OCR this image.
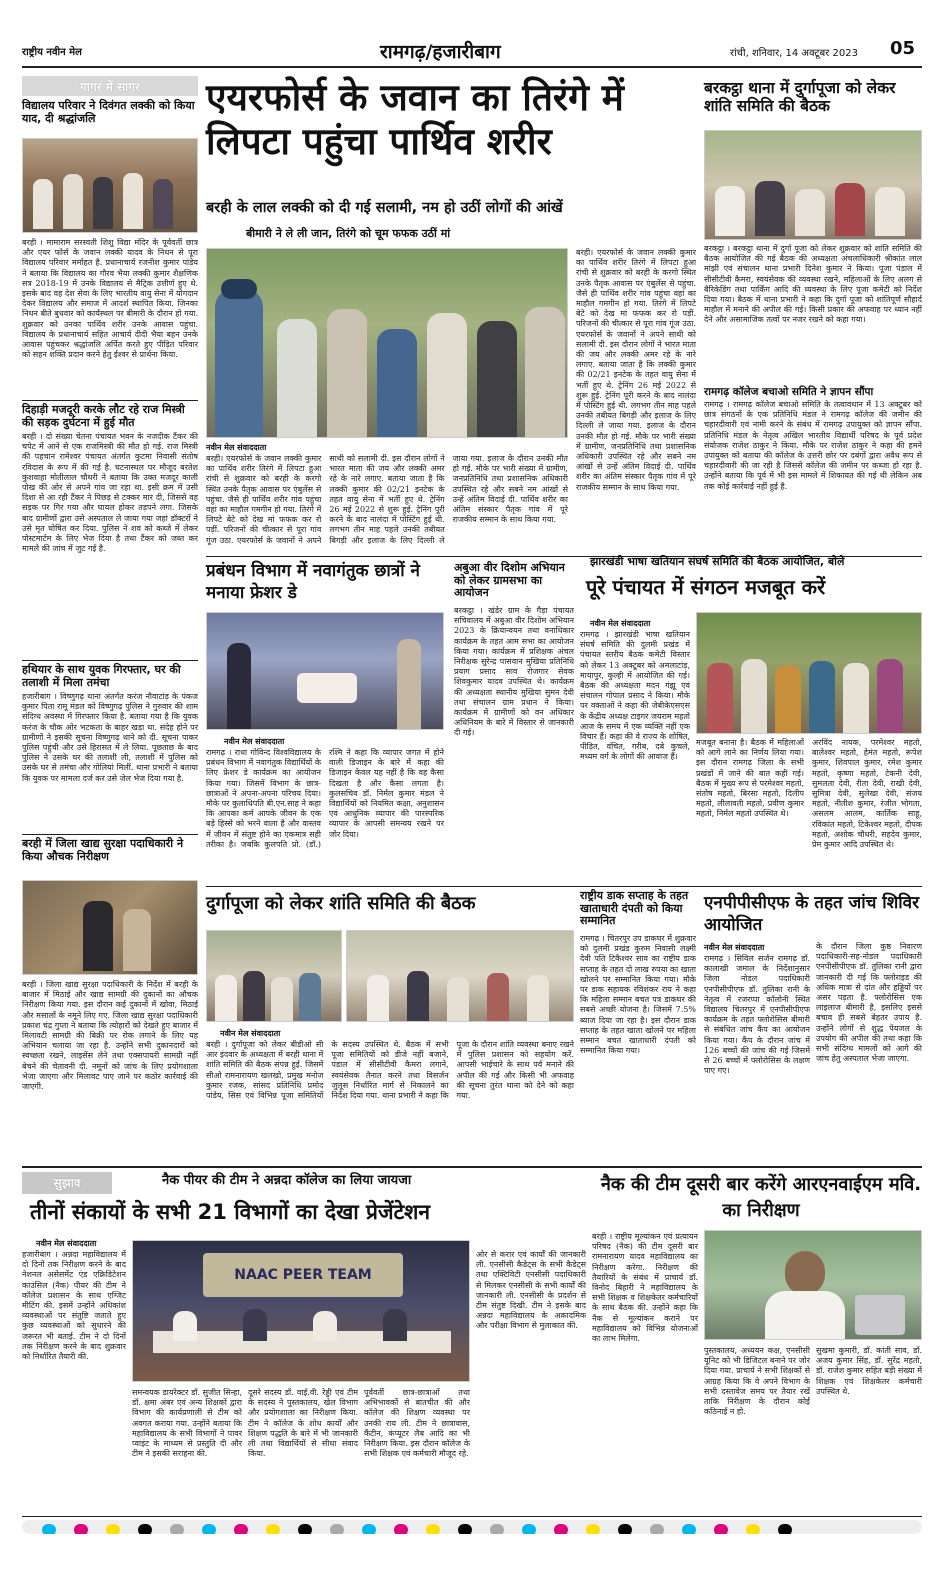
राष्ट्रीय नवीन मेल	रामगढ़/हजारीबाग	रांची, शनिवार, 14 अक्टूबर 2023 05
गागर में सागर
विद्यालय परिवार ने दिवंगत लक्की को किया याद, दी श्रद्धांजलि
बरही । मामाराम सरस्वती शिशु विद्या मंदिर के पूर्ववर्ती छात्र और एयर फोर्स के जवान लक्की यादव के निधन से पूरा विद्यालय परिवार मर्माहत है. प्रधानाचार्य रजनीश कुमार पांडेय ने बताया कि विद्यालय का गौरव भैया लक्की कुमार शैक्षणिक सत्र 2018-19 में उनके विद्यालय से मैट्रिक उत्तीर्ण हुए थे. इसके बाद वह देश सेवा के लिए भारतीय वायु सेना में योगदान देकर विद्यालय और समाज में आदर्श स्थापित किया. जिनका निधन बीते बुधवार को कार्यस्थल पर बीमारी के दौरान हो गया. शुक्रवार को उनका पार्थिव शरीर उनके आवास पहुंचा. विद्यालय के प्रधानाचार्य सहित आचार्य दीदी भैया बहन उनके आवास पहुंचकर श्रद्धांजलि अर्पित करते हुए पीड़ित परिवार को सहन शक्ति प्रदान करने हेतु ईश्वर से प्रार्थना किया.
दिहाड़ी मजदूरी करके लौट रहे राज मिस्त्री की सड़क दुर्घटना में हुई मौत
बरही । दो संख्या चेतना पंचायत भवन के नजदीक टैंकर की चपेट में आने से एक राजमिस्त्री की मौत हो गई. राज मिस्त्री की पहचान रामेश्वर पंचायत अंतर्गत कुटमा निवासी संतोष रविदास के रूप में की गई है. घटनास्थल पर मौजूद बरतेश कुशवाहा मोतीलाल चौधरी ने बताया कि उक्त मजदूर काली पोख की ओर से अपने गांव जा रहा था. इसी क्रम में उसी दिशा से आ रही टैंकर ने पिछड़ से टक्कर मार दी, जिससे वह सड़क पर गिर गया और घायल होकर तड़पने लगा. जिसके बाद ग्रामीणों द्वारा उसे अस्पताल ले जाया गया जहां डॉक्टरों ने उसे मृत घोषित कर दिया. पुलिस ने शव को कब्जे में लेकर पोस्टमार्टम के लिए भेज दिया है तथा टैंकर को जब्त कर मामले की जांच में जुट गई है.
हथियार के साथ युवक गिरफ्तार, घर की तलाशी में मिला तमंचा
हजारीबाग । विष्णुगढ़ थाना अंतर्गत करंज नौवाटांड़ के पंकज कुमार पिता रामू मंडल को विष्णुगढ़ पुलिस ने गुरुवार की शाम संदिग्ध अवस्था में गिरफ्तार किया है. बताया गया है कि युवक करंज के चौक ओर भटकता के बाहर खड़ा था. संदेह होने पर ग्रामीणों ने इसकी सूचना विष्णुगढ़ थाने को दी. सूचना पाकर पुलिस पहुंची और उसे हिरासत में ले लिया. पूछताछ के बाद पुलिस ने उसके घर की तलाशी ली, तलाशी में पुलिस को उसके घर से तमंचा और गोलियां मिलीं. थाना प्रभारी ने बताया कि युवक पर मामला दर्ज कर उसे जेल भेज दिया गया है.
बरही में जिला खाद्य सुरक्षा पदाधिकारी ने किया औचक निरीक्षण
बरही । जिला खाद्य सुरक्षा पदाधिकारी के निर्देश में बरही के बाजार में मिठाई और खाद्य सामग्री की दुकानों का औचक निरीक्षण किया गया. इस दौरान कई दुकानों में खोवा, मिठाई और मसालों के नमूने लिए गए. जिला खाद्य सुरक्षा पदाधिकारी प्रकाश चंद्र गुप्ता ने बताया कि त्योहारों को देखते हुए बाजार में मिलावटी सामग्री की बिक्री पर रोक लगाने के लिए यह अभियान चलाया जा रहा है. उन्होंने सभी दुकानदारों को स्वच्छता रखने, लाइसेंस लेने तथा एक्सपायरी सामग्री नहीं बेचने की चेतावनी दी. नमूनों को जांच के लिए प्रयोगशाला भेजा जाएगा और मिलावट पाए जाने पर कठोर कार्रवाई की जाएगी.
एयरफोर्स के जवान का तिरंगे में लिपटा पहुंचा पार्थिव शरीर
बरही के लाल लक्की को दी गई सलामी, नम हो उठीं लोगों की आंखें
बीमारी ने ले ली जान, तिरंगे को चूम फफक उठीं मां
नवीन मेल संवाददाता
बरही। एयरफोर्स के जवान लक्की कुमार का पार्थिव शरीर तिरंगे में लिपटा हुआ रांची से शुक्रवार को बरही के करगो स्थित उनके पैतृक आवास पर एंबुलेंस से पहुंचा. जैसे ही पार्थिव शरीर गांव पहुंचा वहां का माहौल गमगीन हो गया. तिरंगे में लिपटे बेटे को देख मां फफक कर रो पड़ीं. परिजनों की चीत्कार से पूरा गांव गूंज उठा. एयरफोर्स के जवानों ने अपने साथी को सलामी दी. इस दौरान लोगों ने भारत माता की जय और लक्की अमर रहे के नारे लगाए. बताया जाता है कि लक्की कुमार की 02/21 इनटेक के तहत वायु सेना में भर्ती हुए थे. ट्रेनिंग 26 मई 2022 से शुरू हुई. ट्रेनिंग पूरी करने के बाद नालंदा में पोस्टिंग हुई थी. लगभग तीन माह पहले उनकी तबीयत बिगड़ी और इलाज के लिए दिल्ली ले जाया गया. इलाज के दौरान उनकी मौत हो गई. मौके पर भारी संख्या में ग्रामीण, जनप्रतिनिधि तथा प्रशासनिक अधिकारी उपस्थित रहे और सबने नम आंखों से उन्हें अंतिम विदाई दी. पार्थिव शरीर का अंतिम संस्कार पैतृक गांव में पूरे राजकीय सम्मान के साथ किया गया.
बरही। एयरफोर्स के जवान लक्की कुमार का पार्थिव शरीर तिरंगे में लिपटा हुआ रांची से शुक्रवार को बरही के करगो स्थित उनके पैतृक आवास पर एंबुलेंस से पहुंचा. जैसे ही पार्थिव शरीर गांव पहुंचा वहां का माहौल गमगीन हो गया. तिरंगे में लिपटे बेटे को देख मां फफक कर रो पड़ीं. परिजनों की चीत्कार से पूरा गांव गूंज उठा. एयरफोर्स के जवानों ने अपने साथी को सलामी दी. इस दौरान लोगों ने भारत माता की जय और लक्की अमर रहे के नारे लगाए. बताया जाता है कि लक्की कुमार की 02/21 इनटेक के तहत वायु सेना में भर्ती हुए थे. ट्रेनिंग 26 मई 2022 से शुरू हुई. ट्रेनिंग पूरी करने के बाद नालंदा में पोस्टिंग हुई थी. लगभग तीन माह पहले उनकी तबीयत बिगड़ी और इलाज के लिए दिल्ली ले जाया गया. इलाज के दौरान उनकी मौत हो गई. मौके पर भारी संख्या में ग्रामीण, जनप्रतिनिधि तथा प्रशासनिक अधिकारी उपस्थित रहे और सबने नम आंखों से उन्हें अंतिम विदाई दी. पार्थिव शरीर का अंतिम संस्कार पैतृक गांव में पूरे राजकीय सम्मान के साथ किया गया.
बरकट्ठा थाना में दुर्गापूजा को लेकर शांति समिति की बैठक
बरकट्ठा । बरकट्ठा थाना में दुर्गा पूजा को लेकर शुक्रवार को शांति समिति की बैठक आयोजित की गई बैठक की अध्यक्षता अंचलाधिकारी श्रीकांत लाल मांझी एवं संचालन थाना प्रभारी दिनेश कुमार ने किया। पूजा पंडाल में सीसीटीवी कैमरा, स्वयंसेवक की व्यवस्था रखने, महिलाओं के लिए अलग से बैरिकेडिंग तथा पार्किंग आदि की व्यवस्था के लिए पूजा कमेटी को निर्देश दिया गया। बैठक में थाना प्रभारी ने कहा कि दुर्गा पूजा को शांतिपूर्ण सौहार्द माहौल में मनाने की अपील की गई। किसी प्रकार की अफवाह पर ध्यान नहीं देने और असामाजिक तत्वों पर नजर रखने को कहा गया।
रामगढ़ कॉलेज बचाओ समिति ने ज्ञापन सौंपा
रामगढ़ । रामगढ़ कॉलेज बचाओ समिति के तत्वावधान में 13 अक्टूबर को छात्र संगठनों के एक प्रतिनिधि मंडल ने रामगढ़ कॉलेज की जमीन की चहारदीवारी एवं नामी करने के संबंध में रामगढ़ उपायुक्त को ज्ञापन सौंपा. प्रतिनिधि मंडल के नेतृत्व अखिल भारतीय विद्यार्थी परिषद के पूर्व प्रदेश संयोजक राजेश ठाकुर ने किया. मौके पर राजेश ठाकुर ने कहा की हमने उपायुक्त को बताया की कॉलेज के उत्तरी छोर पर दबंगों द्वारा अवैध रूप से चहारदीवारी की जा रही है जिससे कॉलेज की जमीन पर कब्जा हो रहा है. उन्होंने बताया कि पूर्व में भी इस मामले में शिकायत की गई थी लेकिन अब तक कोई कार्रवाई नहीं हुई है.
प्रबंधन विभाग में नवागंतुक छात्रों ने मनाया फ्रेशर डे
नवीन मेल संवाददाता
रामगढ़ । राधा गोविन्द विश्वविद्यालय के प्रबंधन विभाग में नवागंतुक विद्यार्थियों के लिए फ्रेशर डे कार्यक्रम का आयोजन किया गया। जिसमें विभाग के छात्र-छात्राओं ने अपना-अपना परिचय दिया। मौके पर कुलाधिपति बी.एन.साह ने कहा कि आपका कर्म आपके जीवन के एक बड़े हिस्से को भरने वाला है और वास्तव में जीवन में संतुष्ट होने का एकमात्र सही तरीका है। जबकि कुलपति प्रो. (डॉ.) रश्मि ने कहा कि व्यापार जगत में होने वाली डिजाइन के बारे में कहा की डिजाइन केवल यह नहीं है कि वह कैसा दिखता है और कैसा लगता है। कुलसचिव डॉ. निर्मल कुमार मंडल ने विद्यार्थियों को नियमित कक्षा, अनुशासन एवं आधुनिक व्यापार की पारस्परिक व्यापार के आपसी समन्वय रखने पर जोर दिया।
अबुआ वीर दिशोम अभियान को लेकर ग्रामसभा का आयोजन
बरकट्ठा । खंडेर ग्राम के गैड़ा पंचायत सचिवालय में अबुआ वीर दिशोम अभियान 2023 के क्रियान्वयन तथा वनाधिकार कार्यक्रम के तहत आम सभा का आयोजन किया गया। कार्यक्रम में प्रशिक्षक अंचल निरीक्षक सुरेन्द्र पासवान मुखिया प्रतिनिधि प्रयाग प्रसाद साव रोजगार सेवक शिवकुमार यादव उपस्थित थे। कार्यक्रम की अध्यक्षता स्थानीय मुखिया सुमन देवी तथा संचालन ग्राम प्रधान ने किया। कार्यक्रम में ग्रामीणों को वन अधिकार अधिनियम के बारे में विस्तार से जानकारी दी गई।
झारखंडी भाषा खतियान संघर्ष समिति की बैठक आयोजित, बोले
पूरे पंचायत में संगठन मजबूत करें
नवीन मेल संवाददाता
रामगढ़ । झारखंडी भाषा खतियान संघर्ष समिति की दुलमी प्रखंड में पंचायत स्तरीय बैठक कमेटी विस्तार को लेकर 13 अक्टूबर को अमलाटांड़, मायापुर, कुल्ही में आयोजित की गई। बैठक की अध्यक्षता मदन गंझू एवं संचालन गोपाल प्रसाद ने किया। मौके पर वक्ताओं ने कहा की जेबीकेएसएस के केंद्रीय अध्यक्ष टाइगर जयराम महतो आज के समय में एक व्यक्ति नहीं एक विचार हैं। कहा की वे राज्य के शोषित, पीड़ित, वंचित, गरीब, दबे कुचले, मध्यम वर्ग के लोगों की आवाज हैं।
मजबूत बनाना है। बैठक में महिलाओं को आगे लाने का निर्णय लिया गया। इस दौरान रामगढ़ जिला के सभी प्रखंडों में जाने की बात कही गई। बैठक में मुख्य रूप से परमेश्वर महतो, संतोष महतो, बिरसा महतो, दिलीप महतो, लीलावती महतो, प्रवीण कुमार महतो, निर्मल महतो उपस्थित थे।
अरविंद नायक, परमेश्वर महतो, बालेश्वर महतो, हेमंत महतो, रूपेश कुमार, शिवपाल कुमार, रमेश कुमार महतो, कृष्णा महतो, टेकनी देवी, सुमलता देवी, रीता देवी, राखी देवी, सुमित्रा देवी, सुलेखा देवी, संजय महतो, नीतीश कुमार, रंजीत भोगता, असलम आलम, कार्तिक साहू, रविकांत महतो, टिकेश्वर महतो, दीपक महतो, अशोक चौधरी, सहदेव कुमार, प्रेम कुमार आदि उपस्थित थे।
दुर्गापूजा को लेकर शांति समिति की बैठक
नवीन मेल संवाददाता
बरही । दुर्गापूजा को लेकर बीडीओ सी आर इंदवार के अध्यक्षता में बरही थाना में शांति समिति की बैठक संपन्न हुई. जिसमें सीओ रामनारायण खलखो, प्रमुख मनोज कुमार रजक, सांसद प्रतिनिधि प्रमोद पांडेय, सिस एवं विभिन्न पूजा समितियों के सदस्य उपस्थित थे. बैठक में सभी पूजा समितियों को डीजे नहीं बजाने, पंडाल में सीसीटीवी कैमरा लगाने, स्वयंसेवक तैनात करने तथा विसर्जन जुलूस निर्धारित मार्ग से निकालने का निर्देश दिया गया. थाना प्रभारी ने कहा कि पूजा के दौरान शांति व्यवस्था बनाए रखने में पुलिस प्रशासन को सहयोग करें. आपसी भाईचारे के साथ पर्व मनाने की अपील की गई और किसी भी अफवाह की सूचना तुरंत थाना को देने को कहा गया.
राष्ट्रीय डाक सप्ताह के तहत खाताधारी दंपती को किया सम्मानित
रामगढ़ । चितरपुर उप डाकघर में शुक्रवार को दुलमी प्रखंड कुरुम निवासी लक्ष्मी देवी पति टिकैश्वर साव का राष्ट्रीय डाक सप्ताह के तहत दो लाख रुपया का खाता खोलने पर सम्मानित किया गया। मौके पर डाक सहायक रविशंकर राय ने कहा कि महिला सम्मान बचत पत्र डाकघर की सबसे अच्छी योजना है। जिसमें 7.5% ब्याज दिया जा रहा है। इस दौरान डाक सप्ताह के तहत खाता खोलने पर महिला सम्मान बचत खाताधारी दंपती को सम्मानित किया गया।
एनपीपीसीएफ के तहत जांच शिविर आयोजित
नवीन मेल संवाददाता
रामगढ़ । सिविल सर्जन रामगढ़ डॉ. कालाखी जमाल के निर्देशानुसार जिला नोडल पदाधिकारी एनपीसीपीएफ डॉ. तुलिका रानी के नेतृत्व में रजरप्पा कॉलोनी स्थित विद्यालय चितरपुर में एनपीसीपीएफ कार्यक्रम के तहत फ्लोरोसिस बीमारी से संबंधित जांच कैंप का आयोजन किया गया। कैंप के दौरान जांच में 126 बच्चों की जांच की गई जिसमें से 26 बच्चों में फ्लोरोसिस के लक्षण पाए गए।
के दौरान जिला कुष्ठ निवारण पदाधिकारी-सह-नोडल पदाधिकारी एनपीसीपीएफ डॉ. तुलिका रानी द्वारा जानकारी दी गई कि फ्लोराइड की अधिक मात्रा से दांत और हड्डियों पर असर पड़ता है. फ्लोरोसिस एक लाइलाज बीमारी है, इसलिए इससे बचाव ही सबसे बेहतर उपाय है. उन्होंने लोगों से शुद्ध पेयजल के उपयोग की अपील की तथा कहा कि सभी संदिग्ध मामलों को आगे की जांच हेतु अस्पताल भेजा जाएगा.
सुझाव	नैक पीयर की टीम ने अन्नदा कॉलेज का लिया जायजा
तीनों संकायों के सभी 21 विभागों का देखा प्रेजेंटेशन
नवीन मेल संवाददाता
हजारीबाग । अन्नदा महाविद्यालय में दो दिनों तक निरीक्षण करने के बाद नेशनल असेसमेंट एंड एक्रिडिटेशन काउंसिल (नैक) पीयर की टीम ने कॉलेज प्रशासन के साथ एग्जिट मीटिंग की. इसमें उन्होंने अधिकांश व्यवस्थाओं पर संतुष्टि जताते हुए कुछ व्यवस्थाओं को सुधारने की जरूरत भी बताई. टीम ने दो दिनों तक निरीक्षण करने के बाद शुक्रवार को निर्धारित तैयारी की.
NAAC PEER TEAM
ओर से करार एवं कार्यों की जानकारी ली. एनसीसी कैडेट्स के सभी कैडेट्स तथा एक्टिविटी एनसीसी पदाधिकारी से मिलकर एनसीसी के सभी कार्यों की जानकारी ली. एनसीसी के प्रदर्शन से टीम संतुष्ट दिखी. टीम ने इसके बाद अन्नदा महाविद्यालय के अकादमिक और परीक्षा विभाग से मुलाकात की.
समन्वयक डायरेक्टर डॉ. सुजीत सिन्हा, डॉ. क्षमा अंबर एवं अन्य शिक्षकों द्वारा विभाग की कार्यप्रणाली से टीम को अवगत कराया गया. उन्होंने बताया कि महाविद्यालय के सभी विभागों ने पावर प्वाइंट के माध्यम से प्रस्तुति दी और टीम ने इसकी सराहना की.
दूसरे सदस्य डॉ. वाई.वी. रेड्डी एवं टीम के सदस्य ने पुस्तकालय, खेल विभाग और प्रयोगशाला का निरीक्षण किया. टीम ने कॉलेज के शोध कार्यों और शिक्षण पद्धति के बारे में भी जानकारी ली तथा विद्यार्थियों से सीधा संवाद किया.
पूर्ववर्ती छात्र-छात्राओं तथा अभिभावकों से बातचीत की और कॉलेज की शिक्षण व्यवस्था पर उनकी राय ली. टीम ने छात्रावास, कैंटीन, कंप्यूटर लैब आदि का भी निरीक्षण किया. इस दौरान कॉलेज के सभी शिक्षक एवं कर्मचारी मौजूद रहे.
नैक की टीम दूसरी बार करेंगे आरएनवाईएम मवि. का निरीक्षण
बरही । राष्ट्रीय मूल्यांकन एवं प्रत्यायन परिषद (नैक) की टीम दूसरी बार रामनारायण यादव महाविद्यालय का निरीक्षण करेगा. निरीक्षण की तैयारियों के संबंध में प्राचार्य डॉ. विनोद बिहारी ने महाविद्यालय के सभी शिक्षक व शिक्षकेतर कर्मचारियों के साथ बैठक की. उन्होंने कहा कि नैक से मूल्यांकन कराने पर महाविद्यालय को विभिन्न योजनाओं का लाभ मिलेगा.
पुस्तकालय, अध्ययन कक्ष, एनसीसी यूनिट को भी डिजिटल बनाने पर जोर दिया गया. प्राचार्य ने सभी शिक्षकों से आग्रह किया कि वे अपने विभाग के सभी दस्तावेज समय पर तैयार रखें ताकि निरीक्षण के दौरान कोई कठिनाई न हो.
सुखमा कुमारी, डॉ. कांती साव, डॉ. अजय कुमार सिंह, डॉ. सुरेंद्र महतो, डॉ. राजेश कुमार सहित बड़ी संख्या में शिक्षक एवं शिक्षकेतर कर्मचारी उपस्थित थे.
